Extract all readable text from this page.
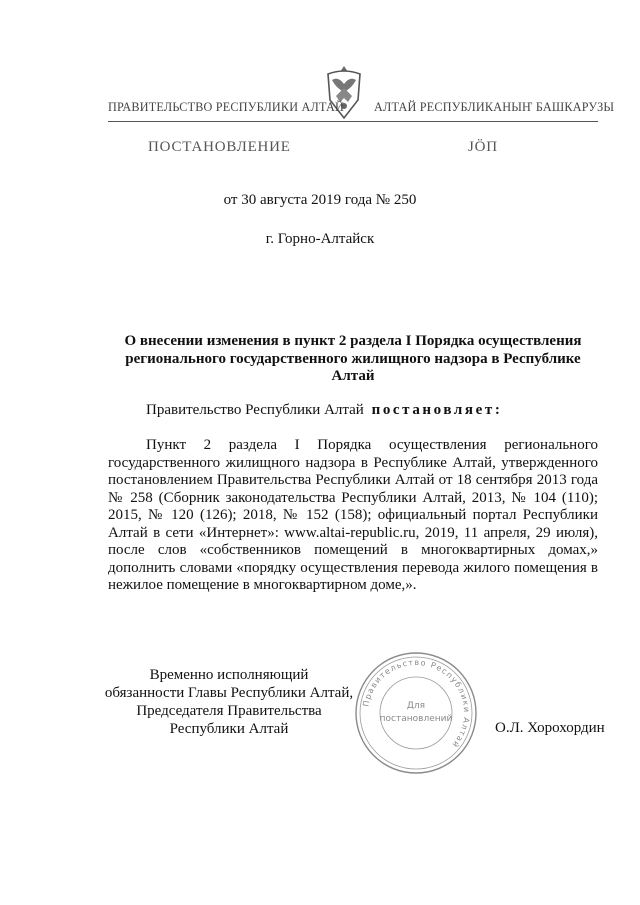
ПРАВИТЕЛЬСТВО РЕСПУБЛИКИ АЛТАЙ АЛТАЙ РЕСПУБЛИКАНЫҤ БАШКАРУЗЫ
ПОСТАНОВЛЕНИЕ	JÖП
от 30 августа 2019 года № 250
г. Горно-Алтайск
О внесении изменения в пункт 2 раздела I Порядка осуществления регионального государственного жилищного надзора в Республике Алтай
Правительство Республики Алтай постановляет:
Пункт 2 раздела I Порядка осуществления регионального государственного жилищного надзора в Республике Алтай, утвержденного постановлением Правительства Республики Алтай от 18 сентября 2013 года № 258 (Сборник законодательства Республики Алтай, 2013, № 104 (110); 2015, № 120 (126); 2018, № 152 (158); официальный портал Республики Алтай в сети «Интернет»: www.altai-republic.ru, 2019, 11 апреля, 29 июля), после слов «собственников помещений в многоквартирных домах,» дополнить словами «порядку осуществления перевода жилого помещения в нежилое помещение в многоквартирном доме,».
Временно исполняющий
обязанности Главы Республики Алтай,
Председателя Правительства
Республики Алтай
Правительство Республики Алтай
Для
постановлений
О.Л. Хорохордин
